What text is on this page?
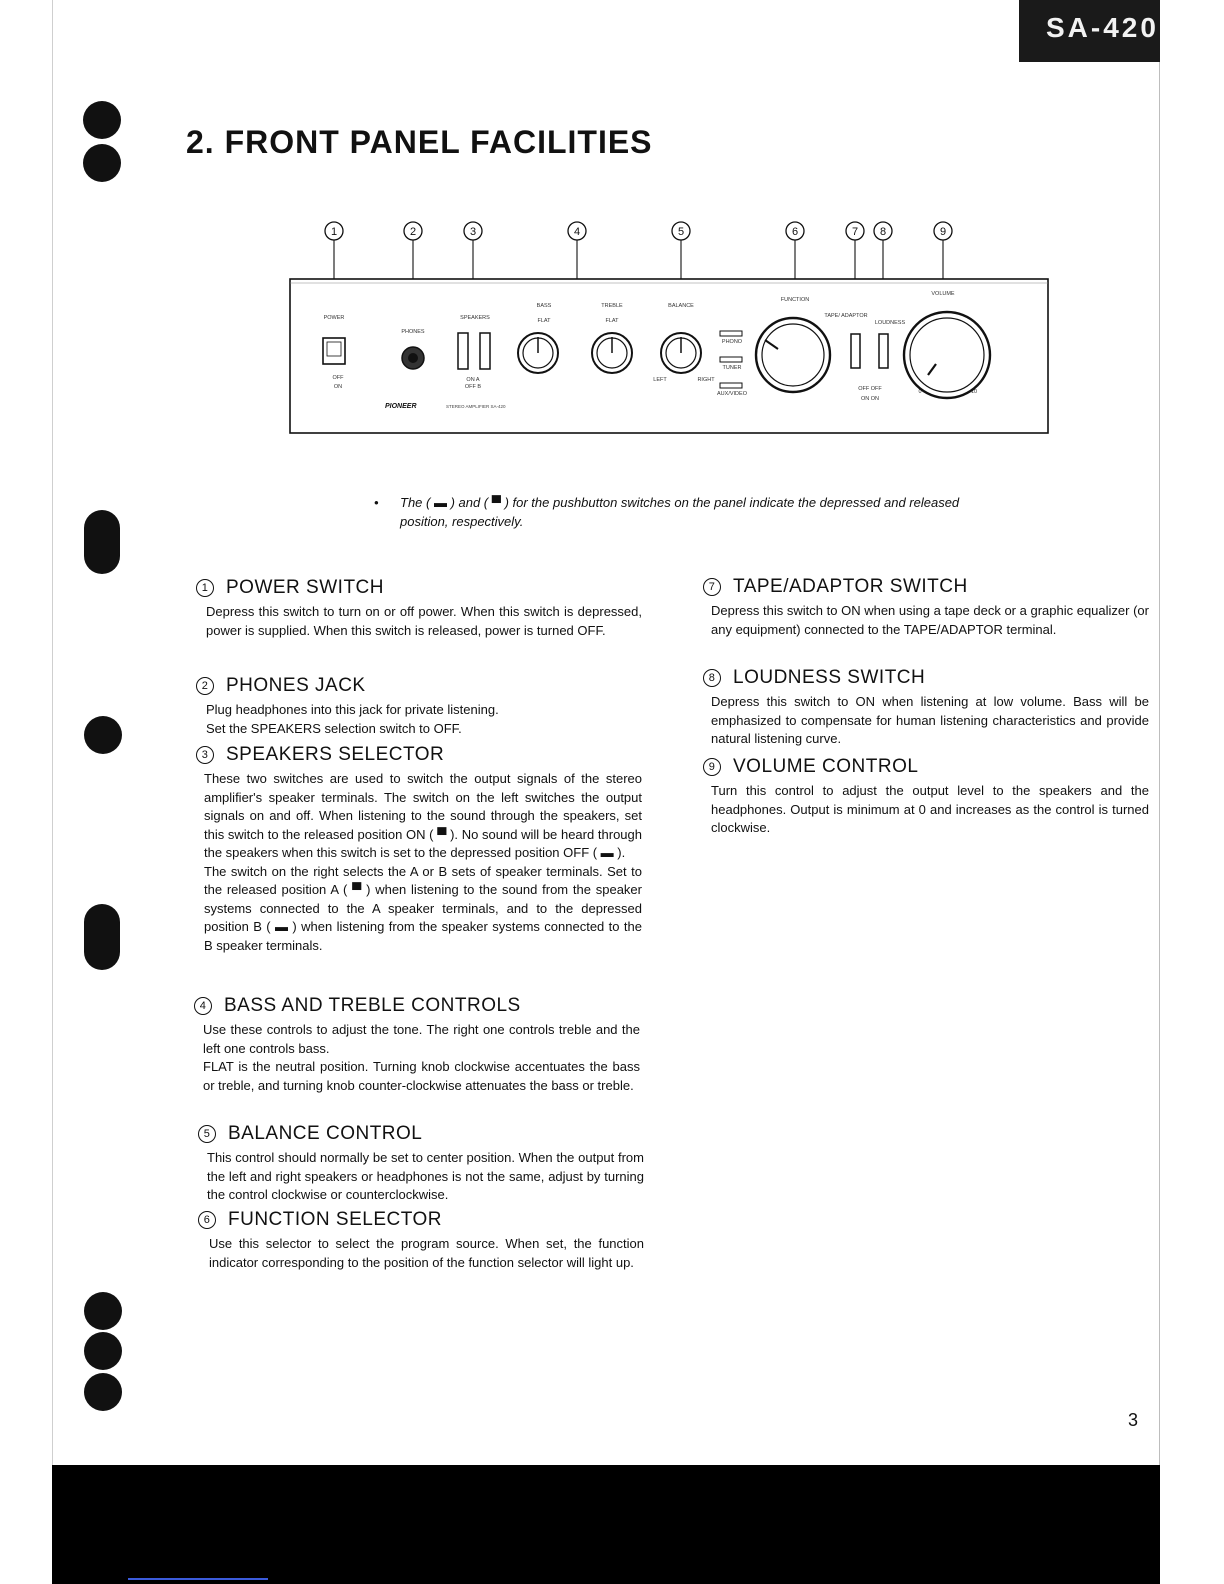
SA-420
2. FRONT PANEL FACILITIES
1	2	3	4	5	6	7 8	9
POWER
PHONES
SPEAKERS
BASS	TREBLE
FLAT	FLAT
BALANCE
FUNCTION
TAPE/ ADAPTOR
LOUDNESS
VOLUME
PHONO
TUNER
AUX/VIDEO
LEFT	RIGHT
OFF
ON
ON A
OFF B	OFF OFF
ON ON
0	10
PIONEER	STEREO AMPLIFIER SA-420
• The ( ▬ ) and ( ▀ ) for the pushbutton switches on the panel indicate the depressed and released position, respectively.
1 POWER SWITCH

Depress this switch to turn on or off power. When this switch is depressed, power is supplied. When this switch is released, power is turned OFF.

2 PHONES JACK

Plug headphones into this jack for private listening.

Set the SPEAKERS selection switch to OFF.

3 SPEAKERS SELECTOR

These two switches are used to switch the output signals of the stereo amplifier's speaker terminals. The switch on the left switches the output signals on and off. When listening to the sound through the speakers, set this switch to the released position ON ( ▀ ). No sound will be heard through the speakers when this switch is set to the depressed position OFF ( ▬ ).

The switch on the right selects the A or B sets of speaker terminals. Set to the released position A ( ▀ ) when listening to the sound from the speaker systems connected to the A speaker terminals, and to the depressed position B ( ▬ ) when listening from the speaker systems connected to the B speaker terminals.

4 BASS AND TREBLE CONTROLS

Use these controls to adjust the tone. The right one controls treble and the left one controls bass.

FLAT is the neutral position. Turning knob clockwise accentuates the bass or treble, and turning knob counter-clockwise attenuates the bass or treble.

5 BALANCE CONTROL

This control should normally be set to center position. When the output from the left and right speakers or headphones is not the same, adjust by turning the control clockwise or counterclockwise.

6 FUNCTION SELECTOR

Use this selector to select the program source. When set, the function indicator corresponding to the position of the function selector will light up.

7 TAPE/ADAPTOR SWITCH

Depress this switch to ON when using a tape deck or a graphic equalizer (or any equipment) connected to the TAPE/ADAPTOR terminal.

8 LOUDNESS SWITCH

Depress this switch to ON when listening at low volume. Bass will be emphasized to compensate for human listening characteristics and provide natural listening curve.

9 VOLUME CONTROL

Turn this control to adjust the output level to the speakers and the headphones. Output is minimum at 0 and increases as the control is turned clockwise.

3
